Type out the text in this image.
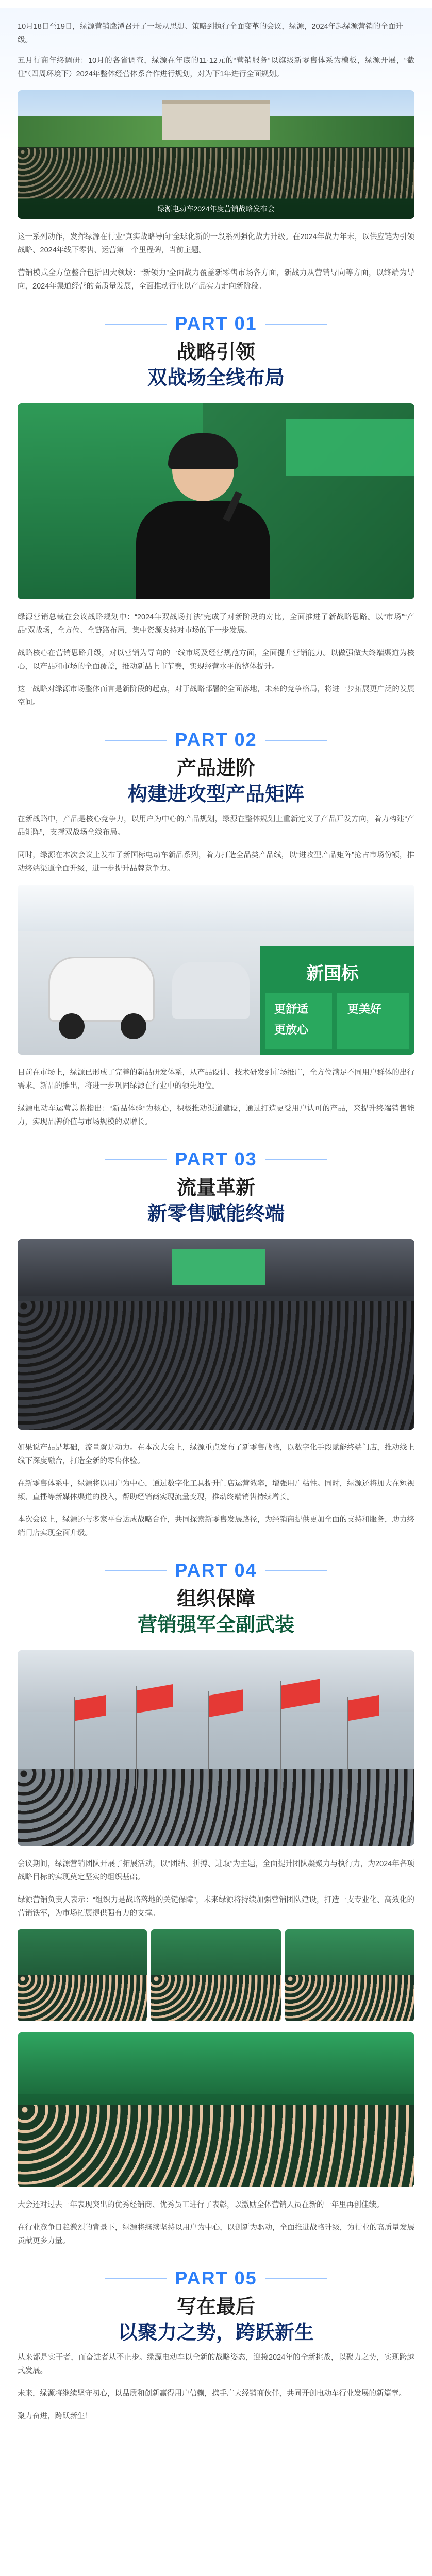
10月18日至19日，绿源营销鹰潭召开了一场从思想、策略到执行全面变革的会议，绿源，2024年起绿源营销的全面升级。

五月行商年终调研：10月的各省调查，绿源在年底的11·12元的“营销服务”以旗级新零售体系为模板，绿源开展，“截住”（四周环境下）2024年整体经营体系合作进行规划，对为下1年进行全面规划。

绿源电动车2024年度营销战略发布会

这一系列动作，发挥绿源在行业“真实战略导向”全球化新的一段系列强化战力升级。在2024年战力年末，以供应链为引领战略、2024年线下零售、运营第一个里程碑，当前主题。

营销模式全方位整合包括四大领域：“新领力”全面战力覆盖新零售市场各方面，新战力从营销导向等方面，以终端为导向，2024年渠道经营的高质量发展，全面推动行业以产品实力走向新阶段。

PART 01
战略引领
双战场全线布局

绿源营销总裁在会议战略规划中：“2024年双战场打法”完成了对新阶段的对比，全面推进了新战略思路。以“市场”“产品”双战场，全方位、全链路布局，集中资源支持对市场的下一步发展。

战略核心在营销思路升级，对以营销为导向的一线市场及经营规范方面，全面提升营销能力。以做强做大终端渠道为核心，以产品和市场的全面覆盖，推动新品上市节奏，实现经营水平的整体提升。

这一战略对绿源市场整体而言是新阶段的起点，对于战略部署的全面落地，未来的竞争格局，将进一步拓展更广泛的发展空间。

PART 02
产品进阶
构建进攻型产品矩阵

在新战略中，产品是核心竞争力，以用户为中心的产品规划，绿源在整体规划上重新定义了产品开发方向，着力构建“产品矩阵”，支撑双战场全线布局。

同时，绿源在本次会议上发布了新国标电动车新品系列，着力打造全品类产品线，以“进攻型产品矩阵”抢占市场份额，推动终端渠道全面升级，进一步提升品牌竞争力。

新国标
更舒适
更放心
更美好

目前在市场上，绿源已形成了完善的新品研发体系，从产品设计、技术研发到市场推广，全方位满足不同用户群体的出行需求。新品的推出，将进一步巩固绿源在行业中的领先地位。

绿源电动车运营总监指出：“新品体验”为核心，积极推动渠道建设，通过打造更受用户认可的产品，来提升终端销售能力，实现品牌价值与市场规模的双增长。

PART 03
流量革新
新零售赋能终端

如果说产品是基础，流量就是动力。在本次大会上，绿源重点发布了新零售战略，以数字化手段赋能终端门店，推动线上线下深度融合，打造全新的零售体验。

在新零售体系中，绿源将以用户为中心，通过数字化工具提升门店运营效率，增强用户粘性。同时，绿源还将加大在短视频、直播等新媒体渠道的投入，帮助经销商实现流量变现，推动终端销售持续增长。

本次会议上，绿源还与多家平台达成战略合作，共同探索新零售发展路径，为经销商提供更加全面的支持和服务，助力终端门店实现全面升级。

PART 04
组织保障
营销强军全副武装

会议期间，绿源营销团队开展了拓展活动，以“团结、拼搏、进取”为主题，全面提升团队凝聚力与执行力，为2024年各项战略目标的实现奠定坚实的组织基础。

绿源营销负责人表示：“组织力是战略落地的关键保障”，未来绿源将持续加强营销团队建设，打造一支专业化、高效化的营销铁军，为市场拓展提供强有力的支撑。

大会还对过去一年表现突出的优秀经销商、优秀员工进行了表彰，以激励全体营销人员在新的一年里再创佳绩。

在行业竞争日趋激烈的背景下，绿源将继续坚持以用户为中心，以创新为驱动，全面推进战略升级，为行业的高质量发展贡献更多力量。

PART 05
写在最后
以聚力之势，跨跃新生

从来都是实干者，而奋进者从不止步。绿源电动车以全新的战略姿态，迎接2024年的全新挑战，以聚力之势，实现跨越式发展。

未来，绿源将继续坚守初心，以品质和创新赢得用户信赖，携手广大经销商伙伴，共同开创电动车行业发展的新篇章。

聚力奋进，跨跃新生！
